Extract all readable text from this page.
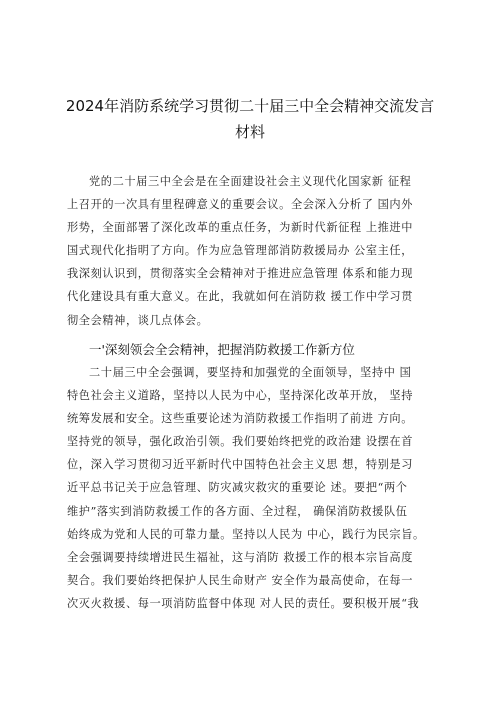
2024年消防系统学习贯彻二十届三中全会精神交流发言
材料
党的二十届三中全会是在全面建设社会主义现代化国家新 征程
上召开的一次具有里程碑意义的重要会议。全会深入分析了 国内外
形势，全面部署了深化改革的重点任务，为新时代新征程 上推进中
国式现代化指明了方向。作为应急管理部消防救援局办 公室主任，
我深刻认识到，贯彻落实全会精神对于推进应急管理 体系和能力现
代化建设具有重大意义。在此，我就如何在消防救 援工作中学习贯
彻全会精神，谈几点体会。
一'深刻领会全会精神，把握消防救援工作新方位
二十届三中全会强调，要坚持和加强党的全面领导，坚持中 国
特色社会主义道路，坚持以人民为中心，坚持深化改革开放， 坚持
统筹发展和安全。这些重要论述为消防救援工作指明了前进 方向。
坚持党的领导，强化政治引领。我们要始终把党的政治建 设摆在首
位，深入学习贯彻习近平新时代中国特色社会主义思 想，特别是习
近平总书记关于应急管理、防灾减灾救灾的重要论 述。要把“两个
维护”落实到消防救援工作的各方面、全过程， 确保消防救援队伍
始终成为党和人民的可靠力量。坚持以人民为 中心，践行为民宗旨。
全会强调要持续增进民生福祉，这与消防 救援工作的根本宗旨高度
契合。我们要始终把保护人民生命财产 安全作为最高使命，在每一
次灭火救援、每一项消防监督中体现 对人民的责任。要积极开展“我
